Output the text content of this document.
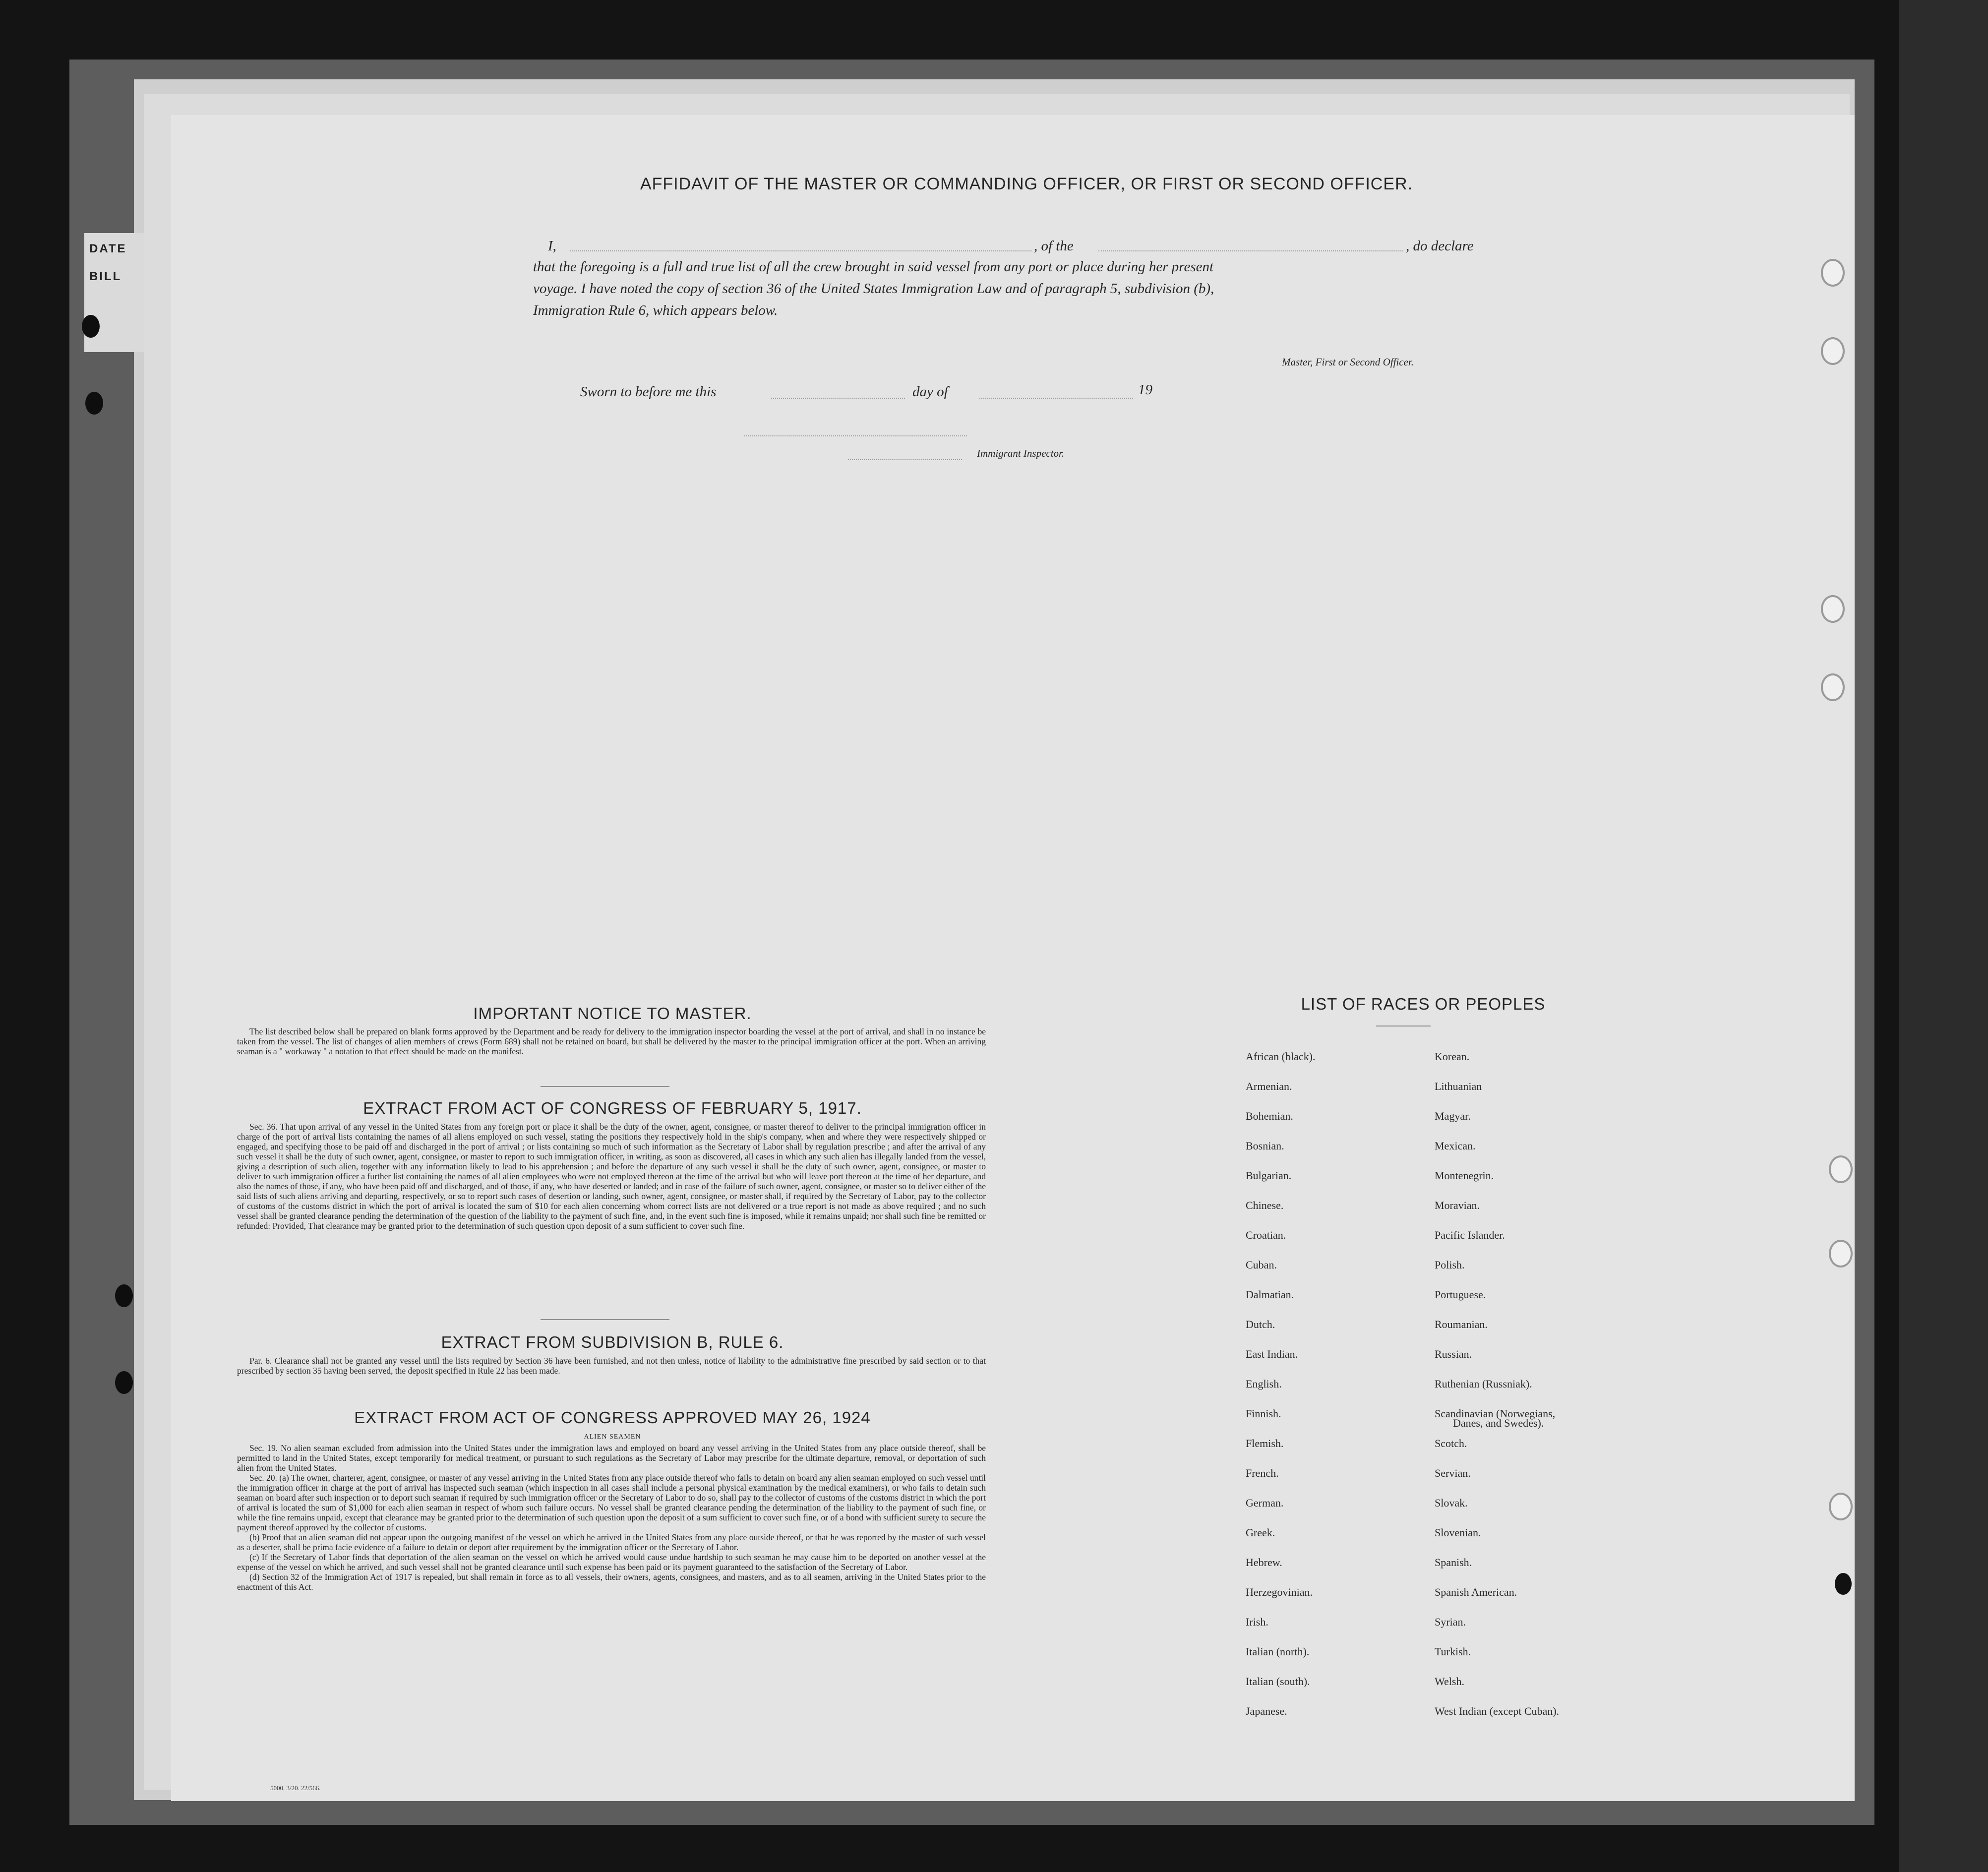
DATE
BILL
AFFIDAVIT OF THE MASTER OR COMMANDING OFFICER, OR FIRST OR SECOND OFFICER.
I,	, of the	, do declare
that the foregoing is a full and true list of all the crew brought in said vessel from any port or place during her present
voyage. I have noted the copy of section 36 of the United States Immigration Law and of paragraph 5, subdivision (b),
Immigration Rule 6, which appears below.
Master, First or Second Officer.
Sworn to before me this	day of	19
Immigrant Inspector.
IMPORTANT NOTICE TO MASTER.
The list described below shall be prepared on blank forms approved by the Department and be ready for delivery to the immigration inspector boarding the vessel at the port of arrival, and shall in no instance be taken from the vessel. The list of changes of alien members of crews (Form 689) shall not be retained on board, but shall be delivered by the master to the principal immigration officer at the port. When an arriving seaman is a " workaway " a notation to that effect should be made on the manifest.
EXTRACT FROM ACT OF CONGRESS OF FEBRUARY 5, 1917.
Sec. 36. That upon arrival of any vessel in the United States from any foreign port or place it shall be the duty of the owner, agent, consignee, or master thereof to deliver to the principal immigration officer in charge of the port of arrival lists containing the names of all aliens employed on such vessel, stating the positions they respectively hold in the ship's company, when and where they were respectively shipped or engaged, and specifying those to be paid off and discharged in the port of arrival ; or lists containing so much of such information as the Secretary of Labor shall by regulation prescribe ; and after the arrival of any such vessel it shall be the duty of such owner, agent, consignee, or master to report to such immigration officer, in writing, as soon as discovered, all cases in which any such alien has illegally landed from the vessel, giving a description of such alien, together with any information likely to lead to his apprehension ; and before the departure of any such vessel it shall be the duty of such owner, agent, consignee, or master to deliver to such immigration officer a further list containing the names of all alien employees who were not employed thereon at the time of the arrival but who will leave port thereon at the time of her departure, and also the names of those, if any, who have been paid off and discharged, and of those, if any, who have deserted or landed; and in case of the failure of such owner, agent, consignee, or master so to deliver either of the said lists of such aliens arriving and departing, respectively, or so to report such cases of desertion or landing, such owner, agent, consignee, or master shall, if required by the Secretary of Labor, pay to the collector of customs of the customs district in which the port of arrival is located the sum of $10 for each alien concerning whom correct lists are not delivered or a true report is not made as above required ; and no such vessel shall be granted clearance pending the determination of the question of the liability to the payment of such fine, and, in the event such fine is imposed, while it remains unpaid; nor shall such fine be remitted or refunded: Provided, That clearance may be granted prior to the determination of such question upon deposit of a sum sufficient to cover such fine.
EXTRACT FROM SUBDIVISION B, RULE 6.
Par. 6. Clearance shall not be granted any vessel until the lists required by Section 36 have been furnished, and not then unless, notice of liability to the administrative fine prescribed by said section or to that prescribed by section 35 having been served, the deposit specified in Rule 22 has been made.
EXTRACT FROM ACT OF CONGRESS APPROVED MAY 26, 1924
ALIEN SEAMEN
Sec. 19. No alien seaman excluded from admission into the United States under the immigration laws and employed on board any vessel arriving in the United States from any place outside thereof, shall be permitted to land in the United States, except temporarily for medical treatment, or pursuant to such regulations as the Secretary of Labor may prescribe for the ultimate departure, removal, or deportation of such alien from the United States.
Sec. 20. (a) The owner, charterer, agent, consignee, or master of any vessel arriving in the United States from any place outside thereof who fails to detain on board any alien seaman employed on such vessel until the immigration officer in charge at the port of arrival has inspected such seaman (which inspection in all cases shall include a personal physical examination by the medical examiners), or who fails to detain such seaman on board after such inspection or to deport such seaman if required by such immigration officer or the Secretary of Labor to do so, shall pay to the collector of customs of the customs district in which the port of arrival is located the sum of $1,000 for each alien seaman in respect of whom such failure occurs. No vessel shall be granted clearance pending the determination of the liability to the payment of such fine, or while the fine remains unpaid, except that clearance may be granted prior to the determination of such question upon the deposit of a sum sufficient to cover such fine, or of a bond with sufficient surety to secure the payment thereof approved by the collector of customs.
(b) Proof that an alien seaman did not appear upon the outgoing manifest of the vessel on which he arrived in the United States from any place outside thereof, or that he was reported by the master of such vessel as a deserter, shall be prima facie evidence of a failure to detain or deport after requirement by the immigration officer or the Secretary of Labor.
(c) If the Secretary of Labor finds that deportation of the alien seaman on the vessel on which he arrived would cause undue hardship to such seaman he may cause him to be deported on another vessel at the expense of the vessel on which he arrived, and such vessel shall not be granted clearance until such expense has been paid or its payment guaranteed to the satisfaction of the Secretary of Labor.
(d) Section 32 of the Immigration Act of 1917 is repealed, but shall remain in force as to all vessels, their owners, agents, consignees, and masters, and as to all seamen, arriving in the United States prior to the enactment of this Act.
LIST OF RACES OR PEOPLES
African (black).
Armenian.
Bohemian.
Bosnian.
Bulgarian.
Chinese.
Croatian.
Cuban.
Dalmatian.
Dutch.
East Indian.
English.
Finnish.
Flemish.
French.
German.
Greek.
Hebrew.
Herzegovinian.
Irish.
Italian (north).
Italian (south).
Japanese.
Korean.
Lithuanian
Magyar.
Mexican.
Montenegrin.
Moravian.
Pacific Islander.
Polish.
Portuguese.
Roumanian.
Russian.
Ruthenian (Russniak).
Scandinavian (Norwegians,
Scotch.
Servian.
Slovak.
Slovenian.
Spanish.
Spanish American.
Syrian.
Turkish.
Welsh.
West Indian (except Cuban).
Danes, and Swedes).
5000. 3/20. 22/566.
